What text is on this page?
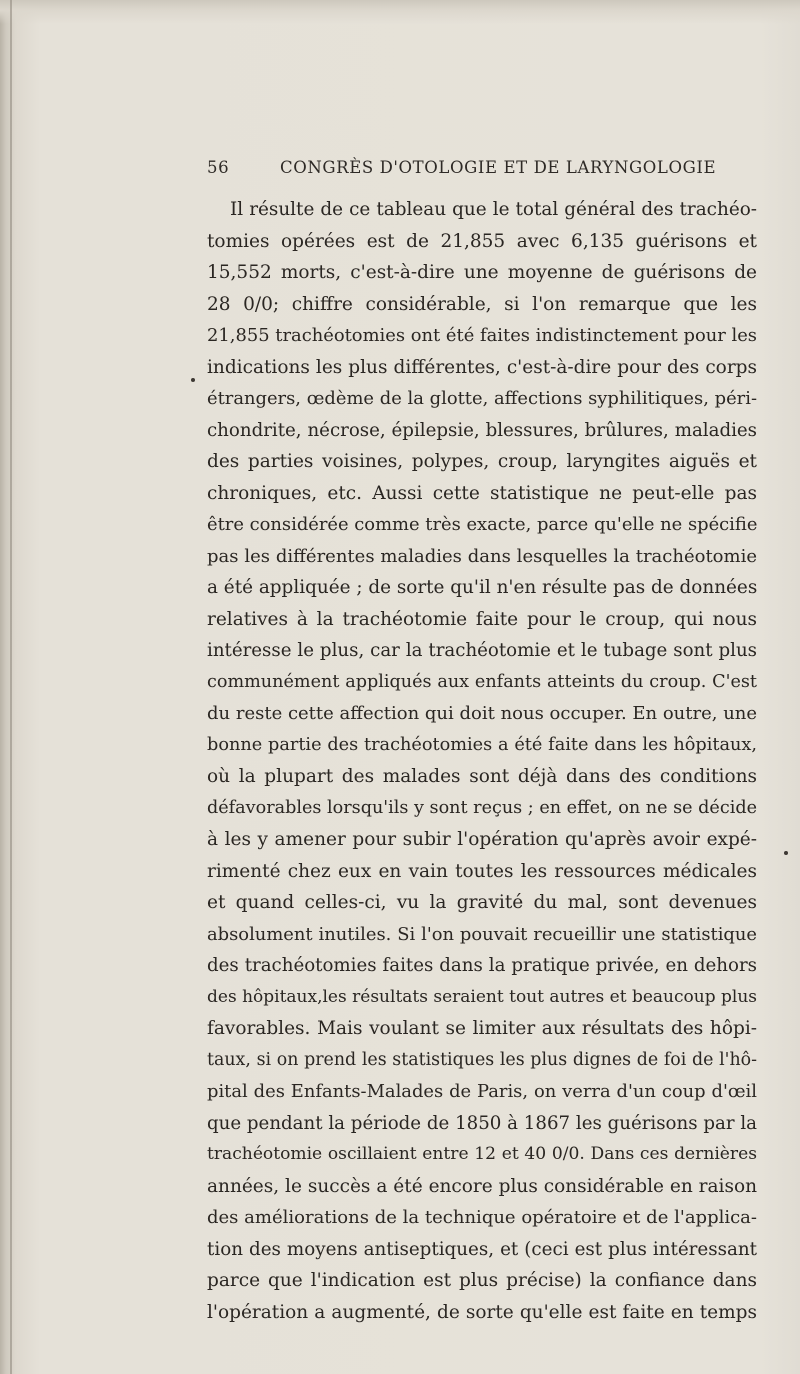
56	CONGRÈS D'OTOLOGIE ET DE LARYNGOLOGIE
Il résulte de ce tableau que le total général des trachéo-
tomies opérées est de 21,855 avec 6,135 guérisons et
15,552 morts, c'est-à-dire une moyenne de guérisons de
28 0/0; chiffre considérable, si l'on remarque que les
21,855 trachéotomies ont été faites indistinctement pour les
indications les plus différentes, c'est-à-dire pour des corps
étrangers, œdème de la glotte, affections syphilitiques, péri-
chondrite, nécrose, épilepsie, blessures, brûlures, maladies
des parties voisines, polypes, croup, laryngites aiguës et
chroniques, etc. Aussi cette statistique ne peut-elle pas
être considérée comme très exacte, parce qu'elle ne spécifie
pas les différentes maladies dans lesquelles la trachéotomie
a été appliquée ; de sorte qu'il n'en résulte pas de données
relatives à la trachéotomie faite pour le croup, qui nous
intéresse le plus, car la trachéotomie et le tubage sont plus
communément appliqués aux enfants atteints du croup. C'est
du reste cette affection qui doit nous occuper. En outre, une
bonne partie des trachéotomies a été faite dans les hôpitaux,
où la plupart des malades sont déjà dans des conditions
défavorables lorsqu'ils y sont reçus ; en effet, on ne se décide
à les y amener pour subir l'opération qu'après avoir expé-
rimenté chez eux en vain toutes les ressources médicales
et quand celles-ci, vu la gravité du mal, sont devenues
absolument inutiles. Si l'on pouvait recueillir une statistique
des trachéotomies faites dans la pratique privée, en dehors
des hôpitaux,les résultats seraient tout autres et beaucoup plus
favorables. Mais voulant se limiter aux résultats des hôpi-
taux, si on prend les statistiques les plus dignes de foi de l'hô-
pital des Enfants-Malades de Paris, on verra d'un coup d'œil
que pendant la période de 1850 à 1867 les guérisons par la
trachéotomie oscillaient entre 12 et 40 0/0. Dans ces dernières
années, le succès a été encore plus considérable en raison
des améliorations de la technique opératoire et de l'applica-
tion des moyens antiseptiques, et (ceci est plus intéressant
parce que l'indication est plus précise) la confiance dans
l'opération a augmenté, de sorte qu'elle est faite en temps
